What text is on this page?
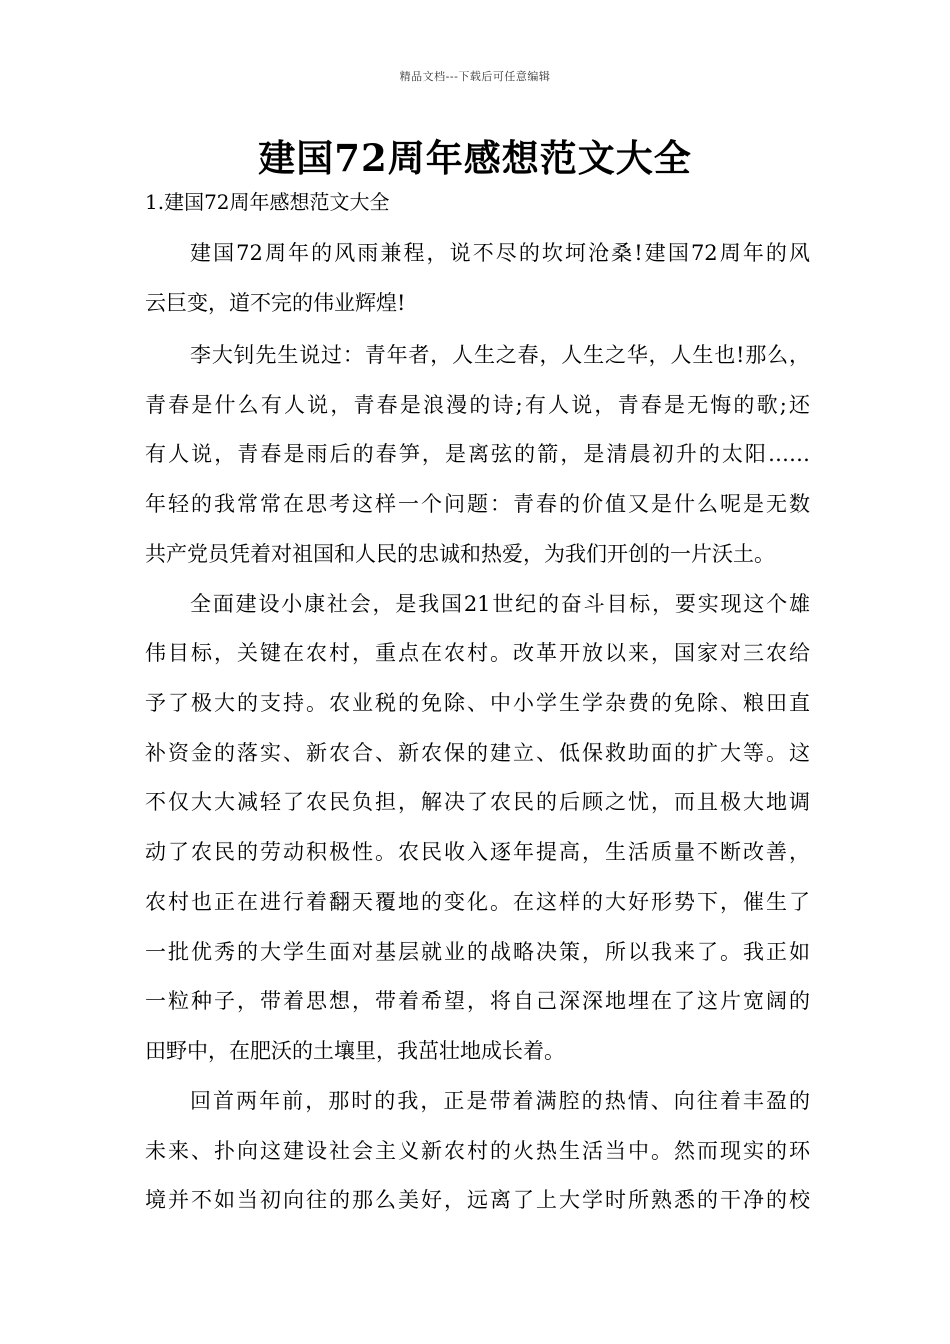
精品文档---下载后可任意编辑
建国72周年感想范文大全
1.建国72周年感想范文大全
建国72周年的风雨兼程，说不尽的坎坷沧桑!建国72周年的风
云巨变，道不完的伟业辉煌!
李大钊先生说过：青年者，人生之春，人生之华，人生也!那么，
青春是什么有人说，青春是浪漫的诗;有人说，青春是无悔的歌;还
有人说，青春是雨后的春笋，是离弦的箭，是清晨初升的太阳……
年轻的我常常在思考这样一个问题：青春的价值又是什么呢是无数
共产党员凭着对祖国和人民的忠诚和热爱，为我们开创的一片沃土。
全面建设小康社会，是我国21世纪的奋斗目标，要实现这个雄
伟目标，关键在农村，重点在农村。改革开放以来，国家对三农给
予了极大的支持。农业税的免除、中小学生学杂费的免除、粮田直
补资金的落实、新农合、新农保的建立、低保救助面的扩大等。这
不仅大大减轻了农民负担，解决了农民的后顾之忧，而且极大地调
动了农民的劳动积极性。农民收入逐年提高，生活质量不断改善，
农村也正在进行着翻天覆地的变化。在这样的大好形势下，催生了
一批优秀的大学生面对基层就业的战略决策，所以我来了。我正如
一粒种子，带着思想，带着希望，将自己深深地埋在了这片宽阔的
田野中，在肥沃的土壤里，我茁壮地成长着。
回首两年前，那时的我，正是带着满腔的热情、向往着丰盈的
未来、扑向这建设社会主义新农村的火热生活当中。然而现实的环
境并不如当初向往的那么美好，远离了上大学时所熟悉的干净的校
